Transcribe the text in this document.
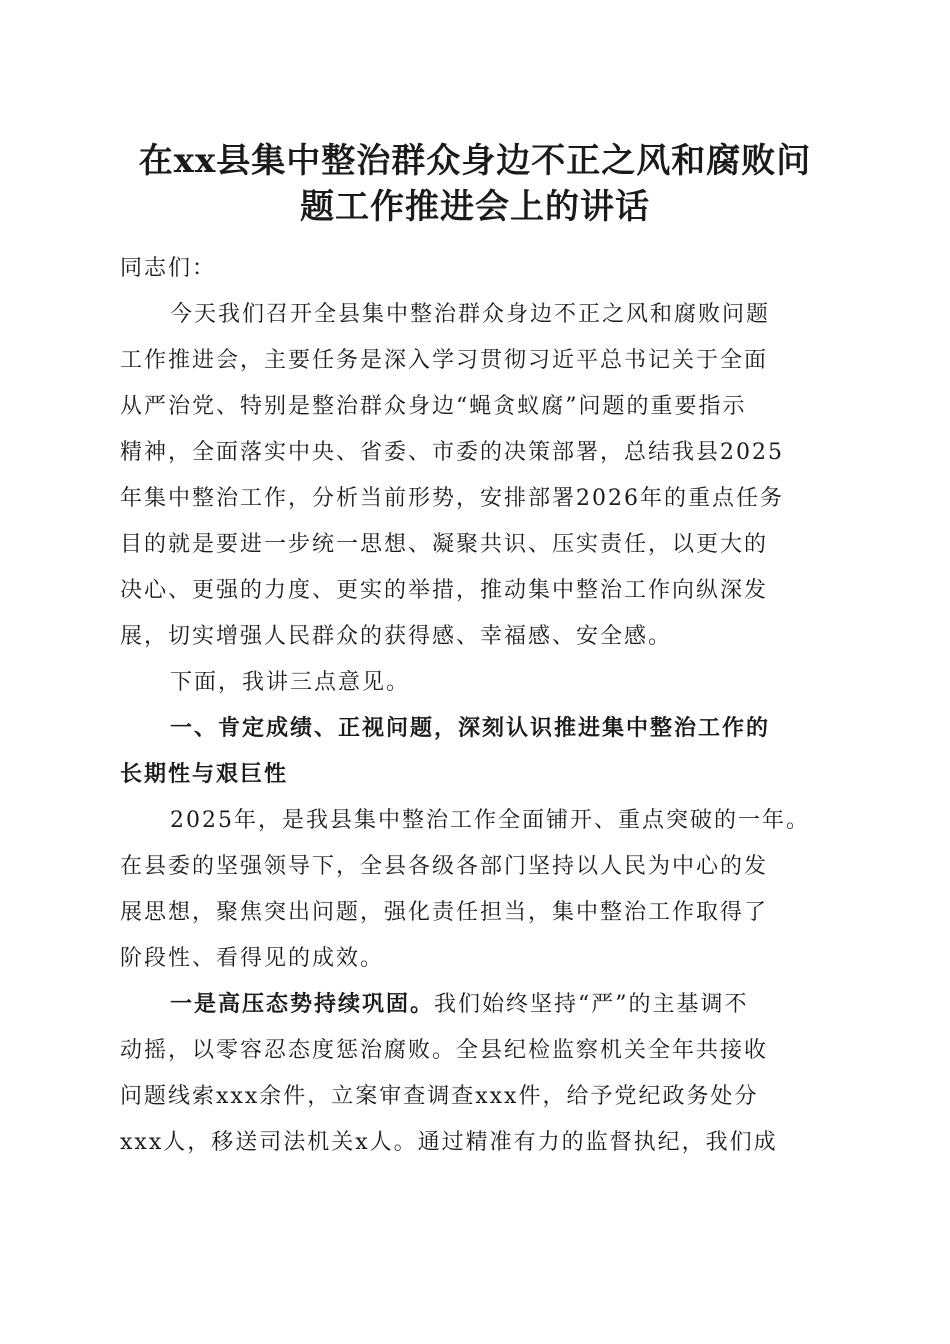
在xx县集中整治群众身边不正之风和腐败问
题工作推进会上的讲话

同志们：

今天我们召开全县集中整治群众身边不正之风和腐败问题
工作推进会，主要任务是深入学习贯彻习近平总书记关于全面
从严治党、特别是整治群众身边“蝇贪蚁腐”问题的重要指示
精神，全面落实中央、省委、市委的决策部署，总结我县2025
年集中整治工作，分析当前形势，安排部署2026年的重点任务
目的就是要进一步统一思想、凝聚共识、压实责任，以更大的
决心、更强的力度、更实的举措，推动集中整治工作向纵深发
展，切实增强人民群众的获得感、幸福感、安全感。

下面，我讲三点意见。

一、肯定成绩、正视问题，深刻认识推进集中整治工作的
长期性与艰巨性

2025年，是我县集中整治工作全面铺开、重点突破的一年。
在县委的坚强领导下，全县各级各部门坚持以人民为中心的发
展思想，聚焦突出问题，强化责任担当，集中整治工作取得了
阶段性、看得见的成效。

一是高压态势持续巩固。我们始终坚持“严”的主基调不
动摇，以零容忍态度惩治腐败。全县纪检监察机关全年共接收
问题线索xxx余件，立案审查调查xxx件，给予党纪政务处分
xxx人，移送司法机关x人。通过精准有力的监督执纪，我们成
